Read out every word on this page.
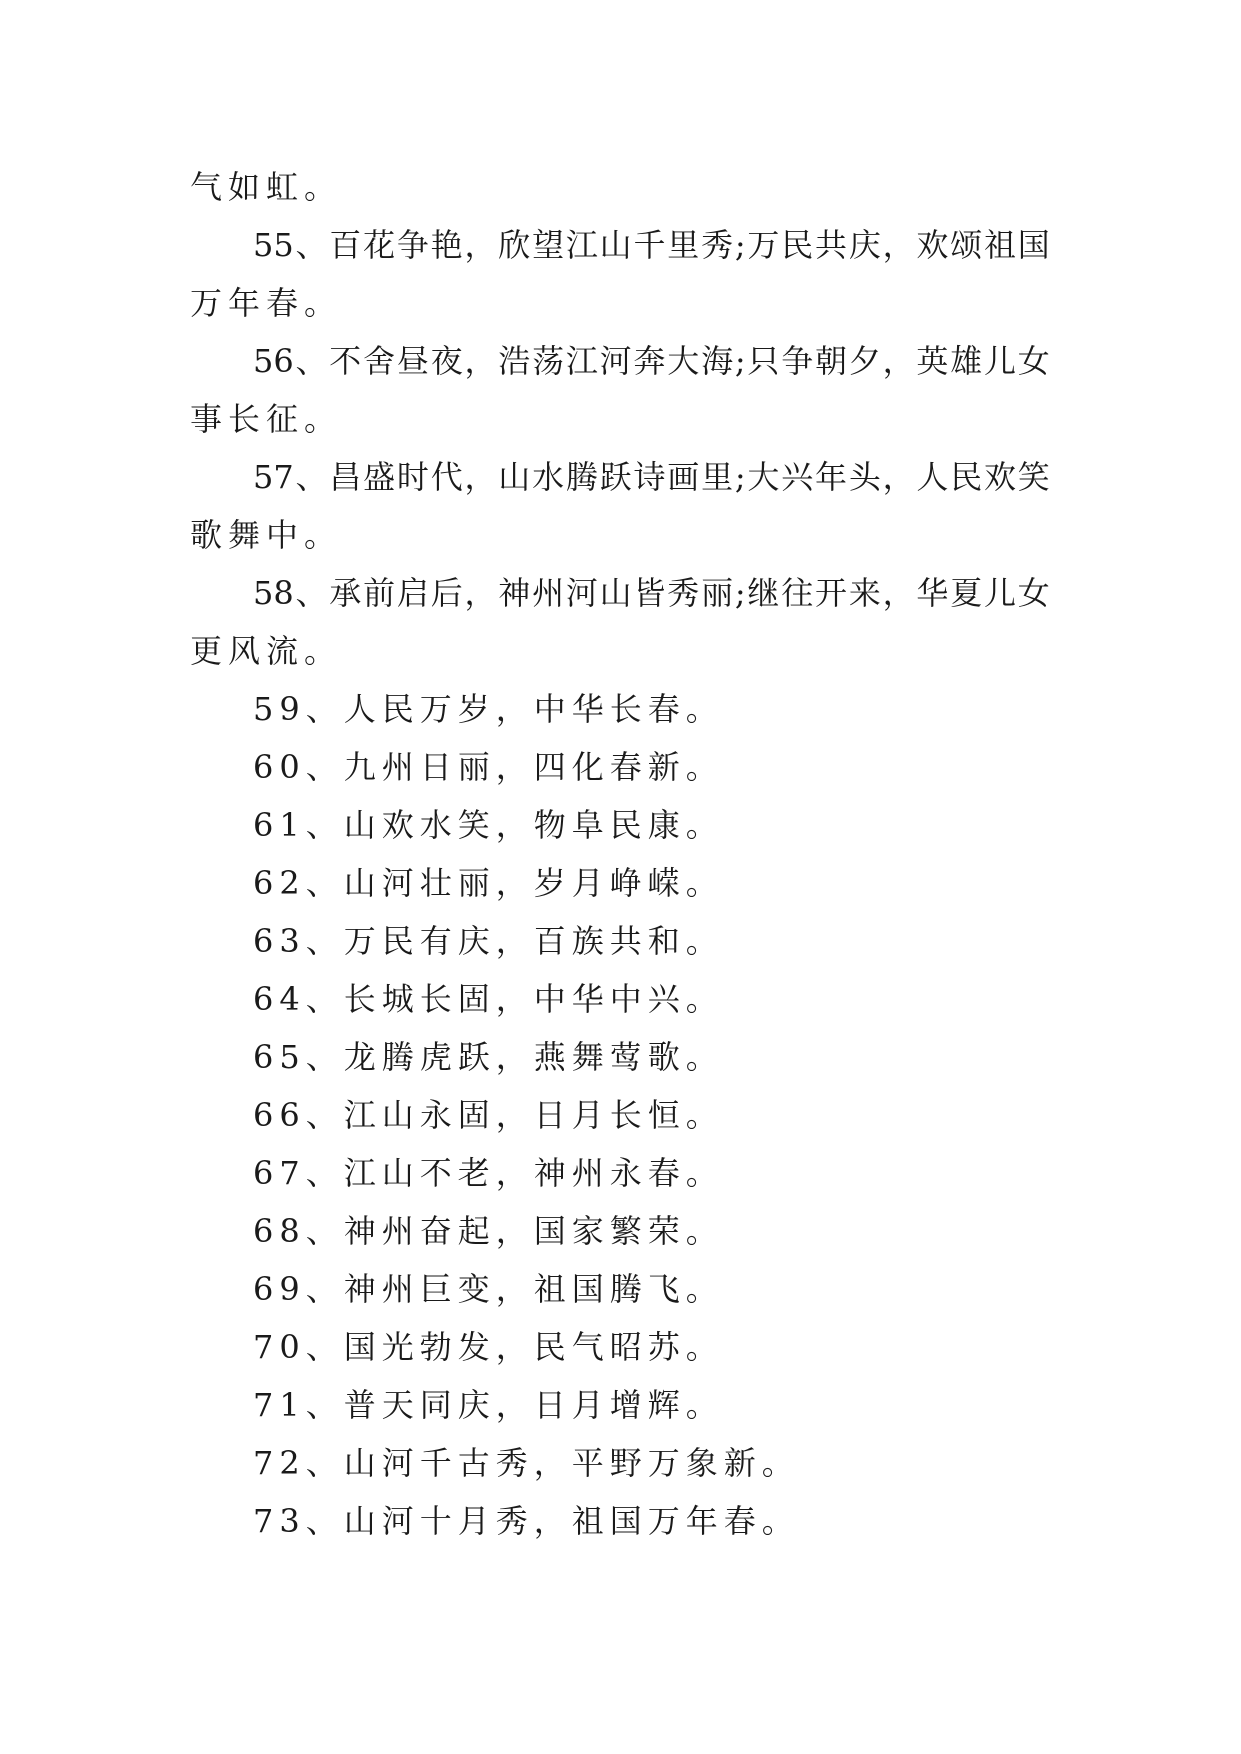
气如虹。
55 、 百 花 争 艳 ， 欣 望 江 山 千 里 秀 ; 万 民 共 庆 ， 欢 颂 祖 国
万年春。
56 、 不 舍 昼 夜 ， 浩 荡 江 河 奔 大 海 ; 只 争 朝 夕 ， 英 雄 儿 女
事长征。
57 、 昌 盛 时 代 ， 山 水 腾 跃 诗 画 里 ; 大 兴 年 头 ， 人 民 欢 笑
歌舞中。
58 、 承 前 启 后 ， 神 州 河 山 皆 秀 丽 ; 继 往 开 来 ， 华 夏 儿 女
更风流。
59、人民万岁，中华长春。
60、九州日丽，四化春新。
61、山欢水笑，物阜民康。
62、山河壮丽，岁月峥嵘。
63、万民有庆，百族共和。
64、长城长固，中华中兴。
65、龙腾虎跃，燕舞莺歌。
66、江山永固，日月长恒。
67、江山不老，神州永春。
68、神州奋起，国家繁荣。
69、神州巨变，祖国腾飞。
70、国光勃发，民气昭苏。
71、普天同庆，日月增辉。
72、山河千古秀，平野万象新。
73、山河十月秀，祖国万年春。
